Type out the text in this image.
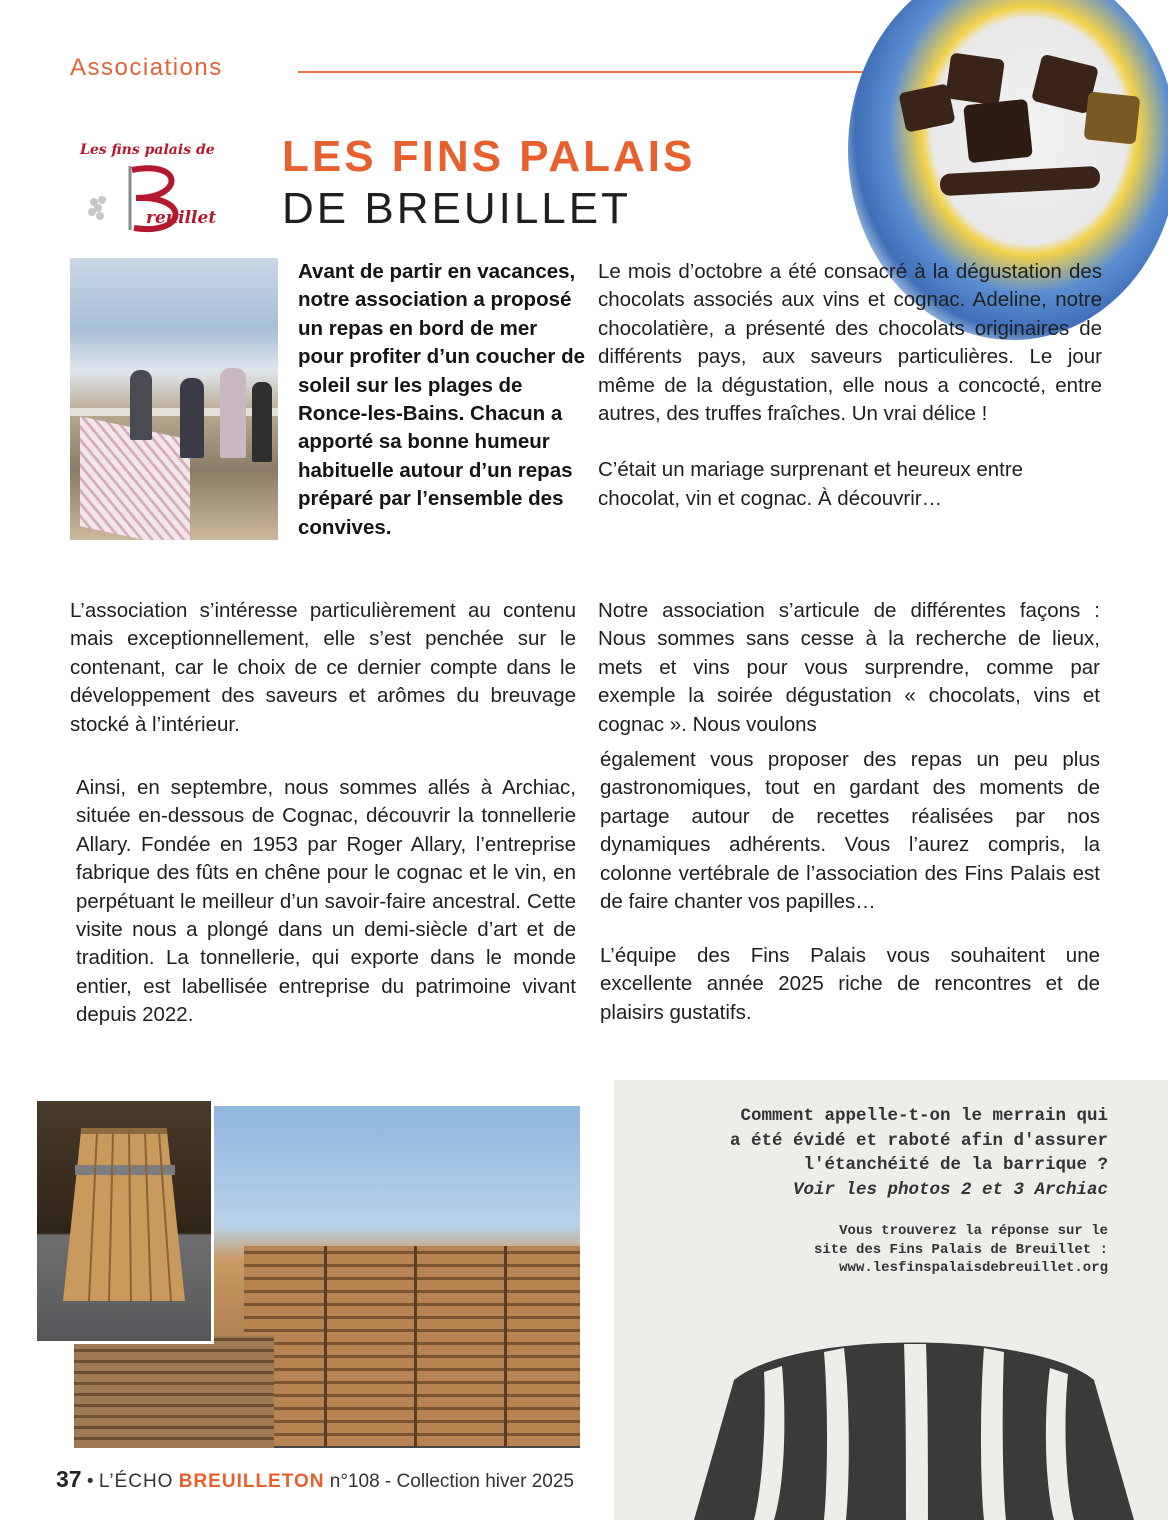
Associations
Les fins palais de
reuillet
LES FINS PALAIS
DE BREUILLET
Avant de partir en vacances, notre association a proposé un repas en bord de mer pour profiter d’un coucher de soleil sur les plages de Ronce-les-Bains. Chacun a apporté sa bonne humeur habituelle autour d’un repas préparé par l’ensemble des convives.

Le mois d’octobre a été consacré à la dégustation des chocolats associés aux vins et cognac. Adeline, notre chocolatière, a présenté des chocolats originaires de différents pays, aux saveurs particulières. Le jour même de la dégustation, elle nous a concocté, entre autres, des truffes fraîches. Un vrai délice !

C’était un mariage surprenant et heureux entre chocolat, vin et cognac. À découvrir…

L’association s’intéresse particulièrement au contenu mais exceptionnellement, elle s’est penchée sur le contenant, car le choix de ce dernier compte dans le développement des saveurs et arômes du breuvage stocké à l’intérieur.
Ainsi, en septembre, nous sommes allés à Archiac, située en-dessous de Cognac, découvrir la tonnellerie Allary. Fondée en 1953 par Roger Allary, l’entreprise fabrique des fûts en chêne pour le cognac et le vin, en perpétuant le meilleur d’un savoir-faire ancestral. Cette visite nous a plongé dans un demi-siècle d’art et de tradition. La tonnellerie, qui exporte dans le monde entier, est labellisée entreprise du patrimoine vivant depuis 2022.
Notre association s’articule de différentes façons : Nous sommes sans cesse à la recherche de lieux, mets et vins pour vous surprendre, comme par exemple la soirée dégustation « chocolats, vins et cognac ». Nous voulons
également vous proposer des repas un peu plus gastronomiques, tout en gardant des moments de partage autour de recettes réalisées par nos dynamiques adhérents. Vous l’aurez compris, la colonne vertébrale de l’association des Fins Palais est de faire chanter vos papilles…
L’équipe des Fins Palais vous souhaitent une excellente année 2025 riche de rencontres et de plaisirs gustatifs.
Comment appelle-t-on le merrain qui
a été évidé et raboté afin d'assurer
l'étanchéité de la barrique ?
Voir les photos 2 et 3 Archiac
Vous trouverez la réponse sur le
site des Fins Palais de Breuillet :
www.lesfinspalaisdebreuillet.org
37 • L’ÉCHO BREUILLETON n°108 - Collection hiver 2025
